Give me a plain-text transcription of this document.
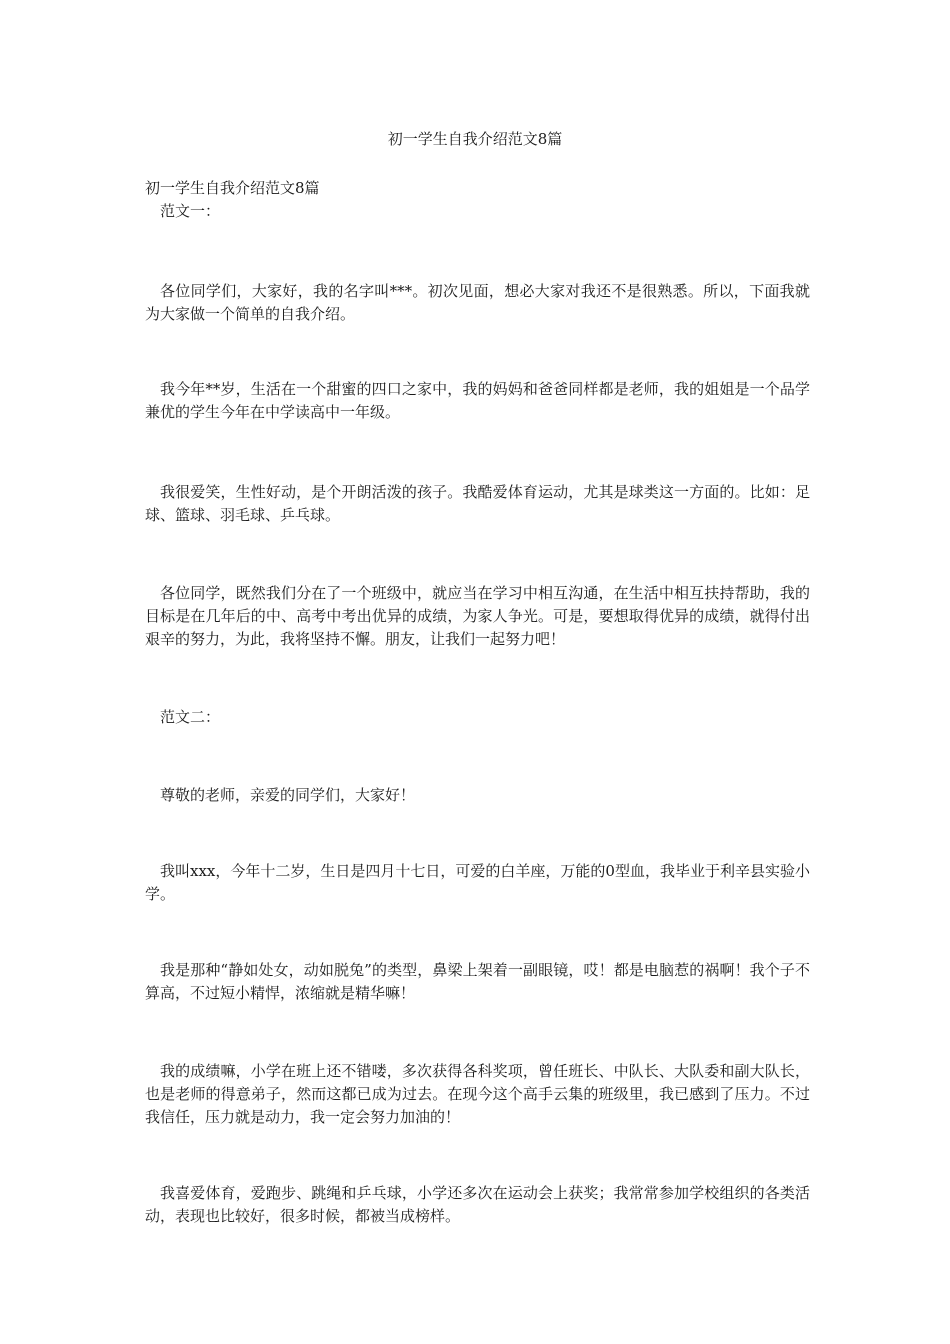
初一学生自我介绍范文8篇

初一学生自我介绍范文8篇

范文一：

各位同学们，大家好，我的名字叫***。初次见面，想必大家对我还不是很熟悉。所以，下面我就为大家做一个简单的自我介绍。

我今年**岁，生活在一个甜蜜的四口之家中，我的妈妈和爸爸同样都是老师，我的姐姐是一个品学兼优的学生今年在中学读高中一年级。

我很爱笑，生性好动，是个开朗活泼的孩子。我酷爱体育运动，尤其是球类这一方面的。比如：足球、篮球、羽毛球、乒乓球。

各位同学，既然我们分在了一个班级中，就应当在学习中相互沟通，在生活中相互扶持帮助，我的目标是在几年后的中、高考中考出优异的成绩，为家人争光。可是，要想取得优异的成绩，就得付出艰辛的努力，为此，我将坚持不懈。朋友，让我们一起努力吧！

范文二：

尊敬的老师，亲爱的同学们，大家好！

我叫xxx，今年十二岁，生日是四月十七日，可爱的白羊座，万能的0型血，我毕业于利辛县实验小学。

我是那种“静如处女，动如脱兔”的类型，鼻梁上架着一副眼镜，哎！都是电脑惹的祸啊！我个子不算高，不过短小精悍，浓缩就是精华嘛！

我的成绩嘛，小学在班上还不错喽，多次获得各科奖项，曾任班长、中队长、大队委和副大队长，也是老师的得意弟子，然而这都已成为过去。在现今这个高手云集的班级里，我已感到了压力。不过我信任，压力就是动力，我一定会努力加油的！

我喜爱体育，爱跑步、跳绳和乒乓球，小学还多次在运动会上获奖；我常常参加学校组织的各类活动，表现也比较好，很多时候，都被当成榜样。
